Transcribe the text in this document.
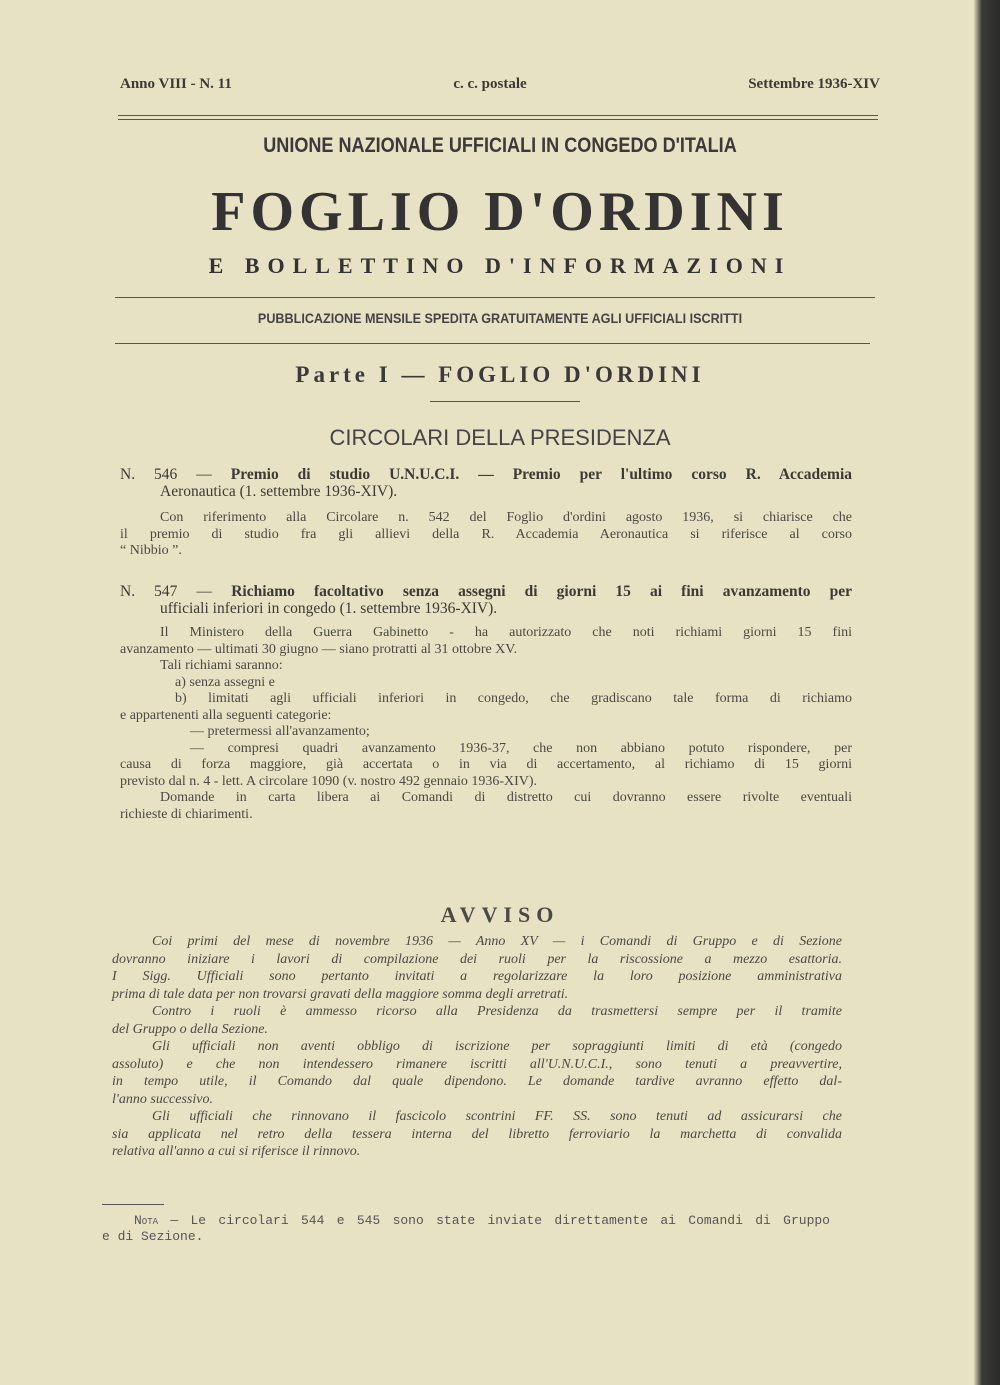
Anno VIII - N. 11	c. c. postale	Settembre 1936-XIV
UNIONE NAZIONALE UFFICIALI IN CONGEDO D'ITALIA
FOGLIO D'ORDINI
E BOLLETTINO D'INFORMAZIONI
PUBBLICAZIONE MENSILE SPEDITA GRATUITAMENTE AGLI UFFICIALI ISCRITTI
Parte I — FOGLIO D'ORDINI
CIRCOLARI DELLA PRESIDENZA
N. 546 — Premio di studio U.N.U.C.I. — Premio per l'ultimo corso R. Accademia
Aeronautica (1. settembre 1936-XIV).
Con riferimento alla Circolare n. 542 del Foglio d'ordini agosto 1936, si chiarisce che
il premio di studio fra gli allievi della R. Accademia Aeronautica si riferisce al corso
“ Nibbio ”.
N. 547 — Richiamo facoltativo senza assegni di giorni 15 ai fini avanzamento per
ufficiali inferiori in congedo (1. settembre 1936-XIV).
Il Ministero della Guerra Gabinetto - ha autorizzato che noti richiami giorni 15 fini
avanzamento — ultimati 30 giugno — siano protratti al 31 ottobre XV.
Tali richiami saranno:
a) senza assegni e
b) limitati agli ufficiali inferiori in congedo, che gradiscano tale forma di richiamo
e appartenenti alla seguenti categorie:
— pretermessi all'avanzamento;
— compresi quadri avanzamento 1936-37, che non abbiano potuto rispondere, per
causa di forza maggiore, già accertata o in via di accertamento, al richiamo di 15 giorni
previsto dal n. 4 - lett. A circolare 1090 (v. nostro 492 gennaio 1936-XIV).
Domande in carta libera ai Comandi di distretto cui dovranno essere rivolte eventuali
richieste di chiarimenti.
AVVISO
Coi primi del mese di novembre 1936 — Anno XV — i Comandi di Gruppo e di Sezione
dovranno iniziare i lavori di compilazione dei ruoli per la riscossione a mezzo esattoria.
I Sigg. Ufficiali sono pertanto invitati a regolarizzare la loro posizione amministrativa
prima di tale data per non trovarsi gravati della maggiore somma degli arretrati.
Contro i ruoli è ammesso ricorso alla Presidenza da trasmettersi sempre per il tramite
del Gruppo o della Sezione.
Gli ufficiali non aventi obbligo di iscrizione per sopraggiunti limiti di età (congedo
assoluto) e che non intendessero rimanere iscritti all'U.N.U.C.I., sono tenuti a preavvertire,
in tempo utile, il Comando dal quale dipendono. Le domande tardive avranno effetto dal-
l'anno successivo.
Gli ufficiali che rinnovano il fascicolo scontrini FF. SS. sono tenuti ad assicurarsi che
sia applicata nel retro della tessera interna del libretto ferroviario la marchetta di convalida
relativa all'anno a cui si riferisce il rinnovo.
Nota — Le circolari 544 e 545 sono state inviate direttamente ai Comandi di Gruppo
e di Sezione.
